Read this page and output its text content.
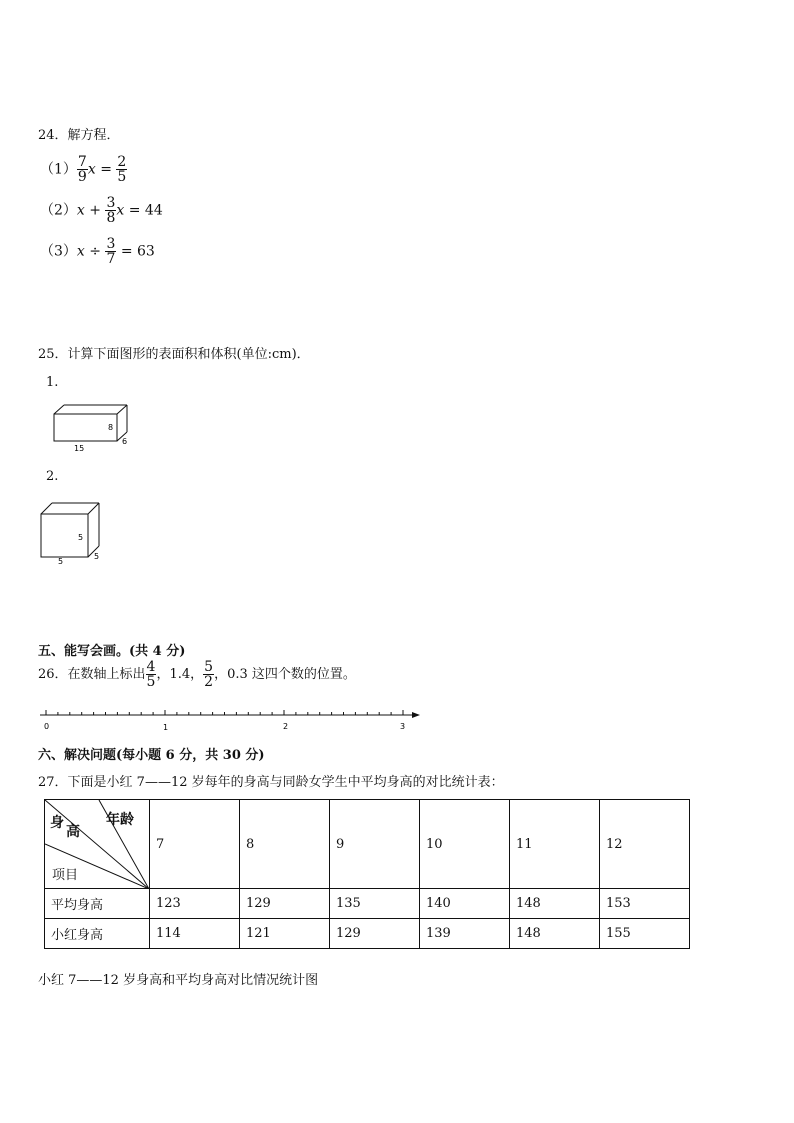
24．解方程．
$(1) \frac{7}{9}$ $x = \frac{2}{5}$
$(2)x + \frac{3}{8}$ x = 44
$(3)x \div \frac{3}{7} = 63$
25．计算下面图形的表面积和体积(单位:cm)．
1.
8
6
15
2.
5
5
5
五、能写会画。(共 4 分)
26．在数轴上标出 $\frac{4}{5}$ ，1.4， $\frac{5}{2}$ ，0.3 这四个数的位置。
0	1	2	3
六、解决问题(每小题 6 分，共 30 分)
27．下面是小红 7——12 岁每年的身高与同龄女学生中平均身高的对比统计表：
身
高
年龄
项目	7	8	9	10	11	12
平均身高	123	129	135	140	148	153
小红身高	114	121	129	139	148	155
小红 7——12 岁身高和平均身高对比情况统计图
